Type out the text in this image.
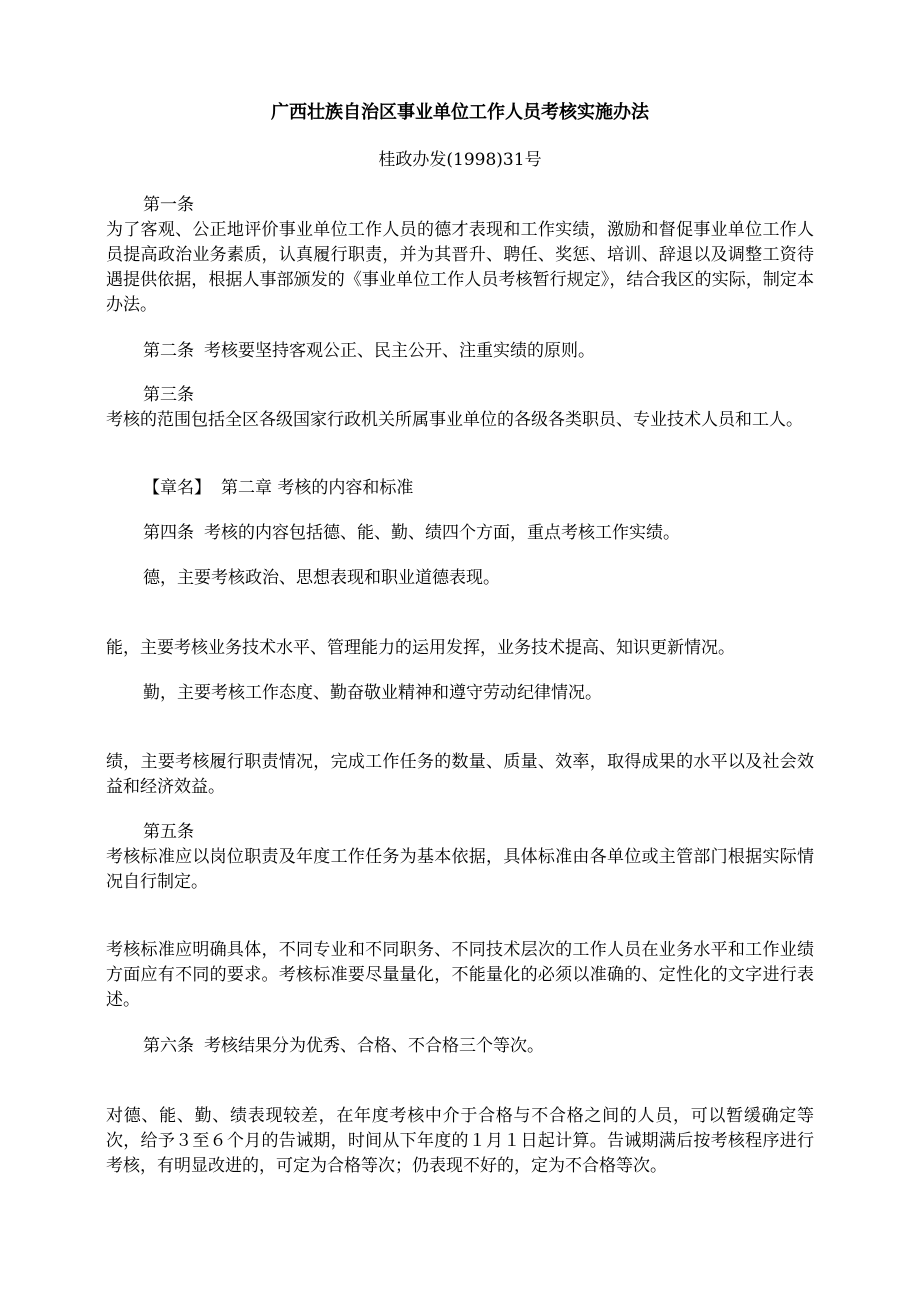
广西壮族自治区事业单位工作人员考核实施办法
桂政办发(1998)31号
第一条

为了客观、公正地评价事业单位工作人员的德才表现和工作实绩，激励和督促事业单位工作人员提高政治业务素质，认真履行职责，并为其晋升、聘任、奖惩、培训、辞退以及调整工资待遇提供依据，根据人事部颁发的《事业单位工作人员考核暂行规定》，结合我区的实际，制定本办法。

第二条 考核要坚持客观公正、民主公开、注重实绩的原则。
第三条

考核的范围包括全区各级国家行政机关所属事业单位的各级各类职员、专业技术人员和工人。

【章名】 第二章 考核的内容和标准
第四条 考核的内容包括德、能、勤、绩四个方面，重点考核工作实绩。
德，主要考核政治、思想表现和职业道德表现。

能，主要考核业务技术水平、管理能力的运用发挥，业务技术提高、知识更新情况。

勤，主要考核工作态度、勤奋敬业精神和遵守劳动纪律情况。

绩，主要考核履行职责情况，完成工作任务的数量、质量、效率，取得成果的水平以及社会效益和经济效益。

第五条

考核标准应以岗位职责及年度工作任务为基本依据，具体标准由各单位或主管部门根据实际情况自行制定。

考核标准应明确具体，不同专业和不同职务、不同技术层次的工作人员在业务水平和工作业绩方面应有不同的要求。考核标准要尽量量化，不能量化的必须以准确的、定性化的文字进行表述。

第六条 考核结果分为优秀、合格、不合格三个等次。

对德、能、勤、绩表现较差，在年度考核中介于合格与不合格之间的人员，可以暂缓确定等次，给予３至６个月的告诫期，时间从下年度的１月１日起计算。告诫期满后按考核程序进行考核，有明显改进的，可定为合格等次；仍表现不好的，定为不合格等次。
